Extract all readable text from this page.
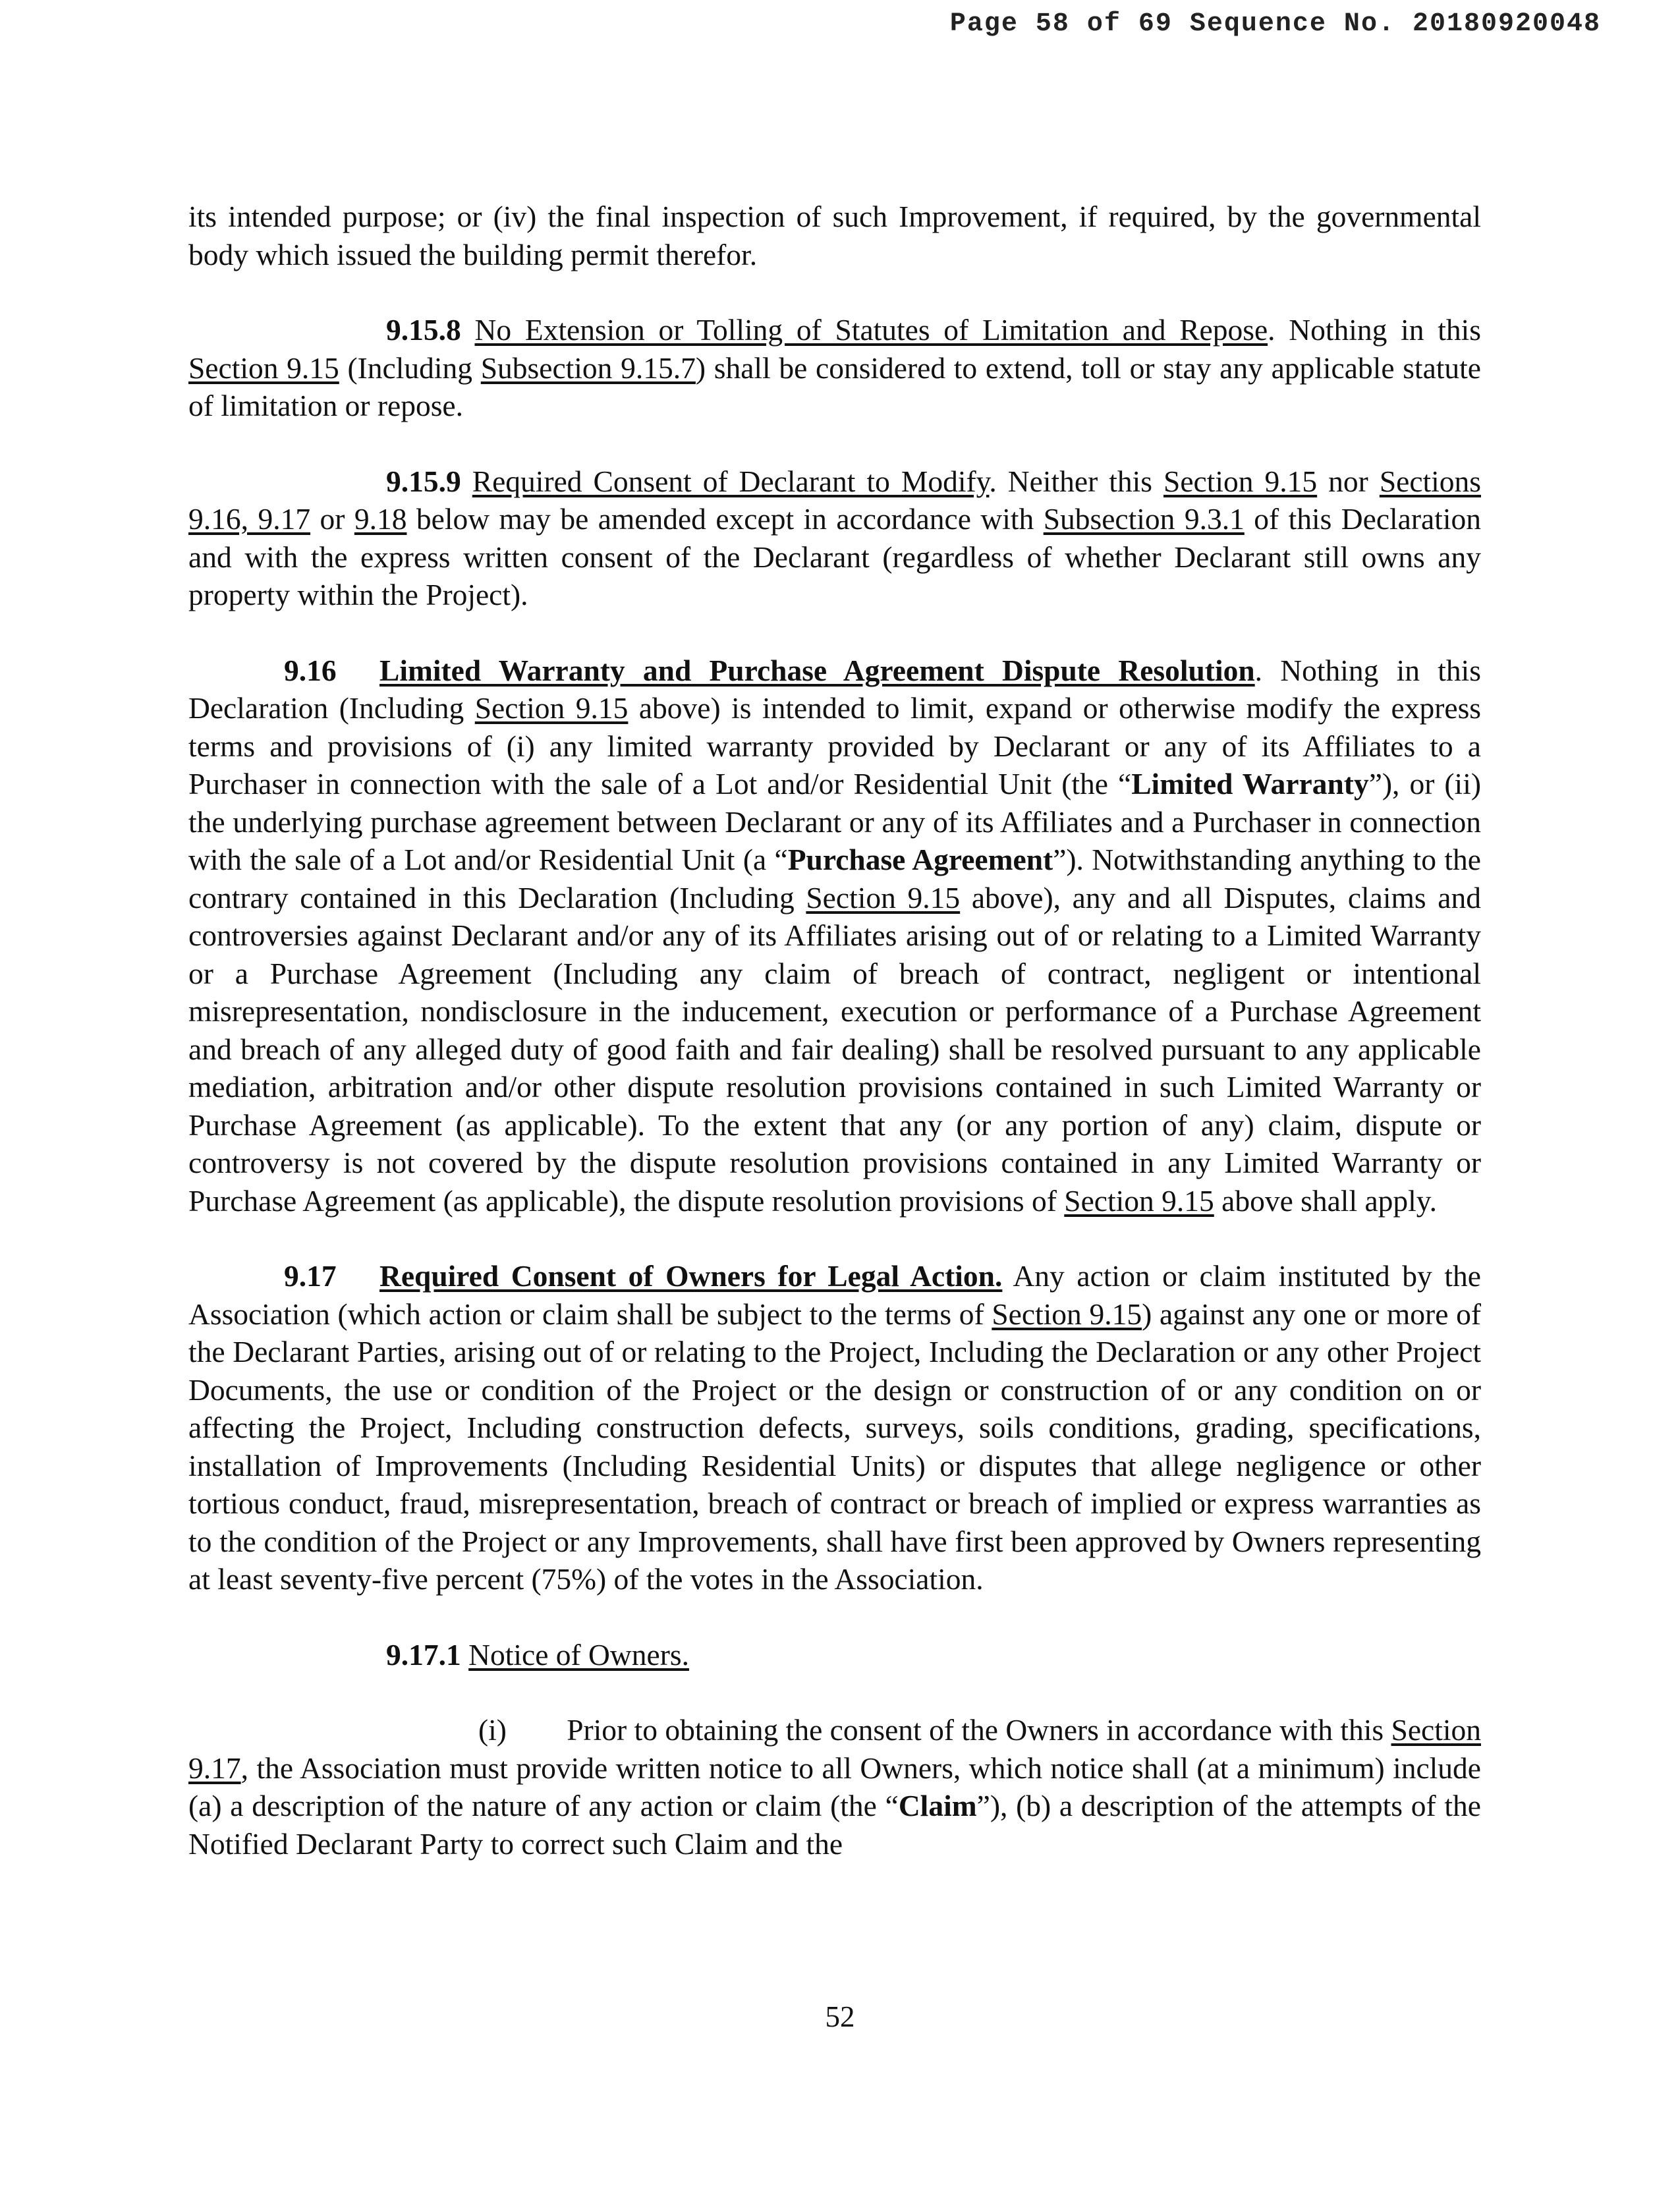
Page 58 of 69 Sequence No. 20180920048

its intended purpose; or (iv) the final inspection of such Improvement, if required, by the governmental body which issued the building permit therefor.

9.15.8 No Extension or Tolling of Statutes of Limitation and Repose. Nothing in this Section 9.15 (Including Subsection 9.15.7) shall be considered to extend, toll or stay any applicable statute of limitation or repose.

9.15.9 Required Consent of Declarant to Modify. Neither this Section 9.15 nor Sections 9.16, 9.17 or 9.18 below may be amended except in accordance with Subsection 9.3.1 of this Declaration and with the express written consent of the Declarant (regardless of whether Declarant still owns any property within the Project).

9.16 Limited Warranty and Purchase Agreement Dispute Resolution. Nothing in this Declaration (Including Section 9.15 above) is intended to limit, expand or otherwise modify the express terms and provisions of (i) any limited warranty provided by Declarant or any of its Affiliates to a Purchaser in connection with the sale of a Lot and/or Residential Unit (the “Limited Warranty”), or (ii) the underlying purchase agreement between Declarant or any of its Affiliates and a Purchaser in connection with the sale of a Lot and/or Residential Unit (a “Purchase Agreement”). Notwithstanding anything to the contrary contained in this Declaration (Including Section 9.15 above), any and all Disputes, claims and controversies against Declarant and/or any of its Affiliates arising out of or relating to a Limited Warranty or a Purchase Agreement (Including any claim of breach of contract, negligent or intentional misrepresentation, nondisclosure in the inducement, execution or performance of a Purchase Agreement and breach of any alleged duty of good faith and fair dealing) shall be resolved pursuant to any applicable mediation, arbitration and/or other dispute resolution provisions contained in such Limited Warranty or Purchase Agreement (as applicable). To the extent that any (or any portion of any) claim, dispute or controversy is not covered by the dispute resolution provisions contained in any Limited Warranty or Purchase Agreement (as applicable), the dispute resolution provisions of Section 9.15 above shall apply.

9.17 Required Consent of Owners for Legal Action. Any action or claim instituted by the Association (which action or claim shall be subject to the terms of Section 9.15) against any one or more of the Declarant Parties, arising out of or relating to the Project, Including the Declaration or any other Project Documents, the use or condition of the Project or the design or construction of or any condition on or affecting the Project, Including construction defects, surveys, soils conditions, grading, specifications, installation of Improvements (Including Residential Units) or disputes that allege negligence or other tortious conduct, fraud, misrepresentation, breach of contract or breach of implied or express warranties as to the condition of the Project or any Improvements, shall have first been approved by Owners representing at least seventy-five percent (75%) of the votes in the Association.

9.17.1 Notice of Owners.

(i) Prior to obtaining the consent of the Owners in accordance with this Section 9.17, the Association must provide written notice to all Owners, which notice shall (at a minimum) include (a) a description of the nature of any action or claim (the “Claim”), (b) a description of the attempts of the Notified Declarant Party to correct such Claim and the

52
